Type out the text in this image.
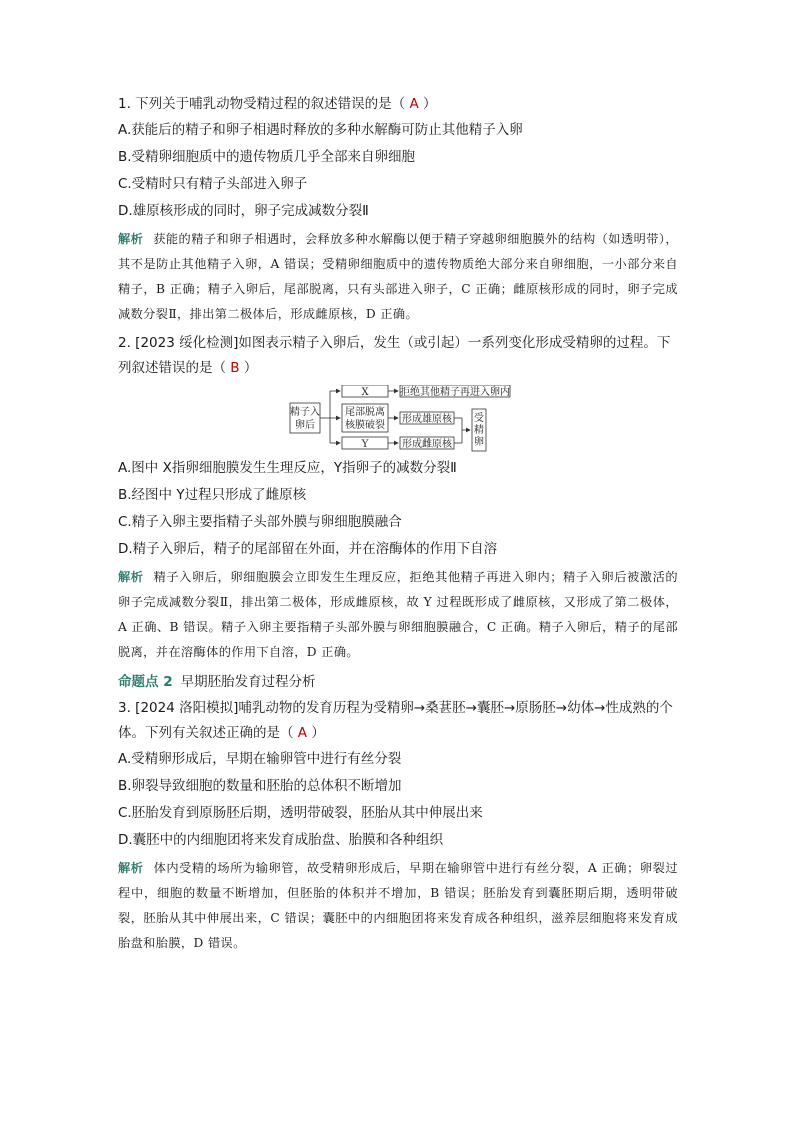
1. 下列关于哺乳动物受精过程的叙述错误的是（ A ）

A.获能后的精子和卵子相遇时释放的多种水解酶可防止其他精子入卵

B.受精卵细胞质中的遗传物质几乎全部来自卵细胞

C.受精时只有精子头部进入卵子

D.雄原核形成的同时，卵子完成减数分裂Ⅱ

解析 获能的精子和卵子相遇时，会释放多种水解酶以便于精子穿越卵细胞膜外的结构（如透明带），其不是防止其他精子入卵，A 错误；受精卵细胞质中的遗传物质绝大部分来自卵细胞，一小部分来自精子，B 正确；精子入卵后，尾部脱离，只有头部进入卵子，C 正确；雌原核形成的同时，卵子完成减数分裂Ⅱ，排出第二极体后，形成雌原核，D 正确。

2. [2023 绥化检测]如图表示精子入卵后，发生（或引起）一系列变化形成受精卵的过程。下列叙述错误的是（ B ）

精子入
卵后
X	拒绝其他精子再进入卵内
尾部脱离
核膜破裂
形成雄原核
Y	形成雌原核
受
精
卵

A.图中 X指卵细胞膜发生生理反应，Y指卵子的减数分裂Ⅱ

B.经图中 Y过程只形成了雌原核

C.精子入卵主要指精子头部外膜与卵细胞膜融合

D.精子入卵后，精子的尾部留在外面，并在溶酶体的作用下自溶

解析 精子入卵后，卵细胞膜会立即发生生理反应，拒绝其他精子再进入卵内；精子入卵后被激活的卵子完成减数分裂Ⅱ，排出第二极体，形成雌原核，故 Y 过程既形成了雌原核，又形成了第二极体，A 正确、B 错误。精子入卵主要指精子头部外膜与卵细胞膜融合，C 正确。精子入卵后，精子的尾部脱离，并在溶酶体的作用下自溶，D 正确。

命题点 2 早期胚胎发育过程分析

3. [2024 洛阳模拟]哺乳动物的发育历程为受精卵→桑葚胚→囊胚→原肠胚→幼体→性成熟的个体。下列有关叙述正确的是（ A ）

A.受精卵形成后，早期在输卵管中进行有丝分裂

B.卵裂导致细胞的数量和胚胎的总体积不断增加

C.胚胎发育到原肠胚后期，透明带破裂，胚胎从其中伸展出来

D.囊胚中的内细胞团将来发育成胎盘、胎膜和各种组织

解析 体内受精的场所为输卵管，故受精卵形成后，早期在输卵管中进行有丝分裂，A 正确；卵裂过程中，细胞的数量不断增加，但胚胎的体积并不增加，B 错误；胚胎发育到囊胚期后期，透明带破裂，胚胎从其中伸展出来，C 错误；囊胚中的内细胞团将来发育成各种组织，滋养层细胞将来发育成胎盘和胎膜，D 错误。
